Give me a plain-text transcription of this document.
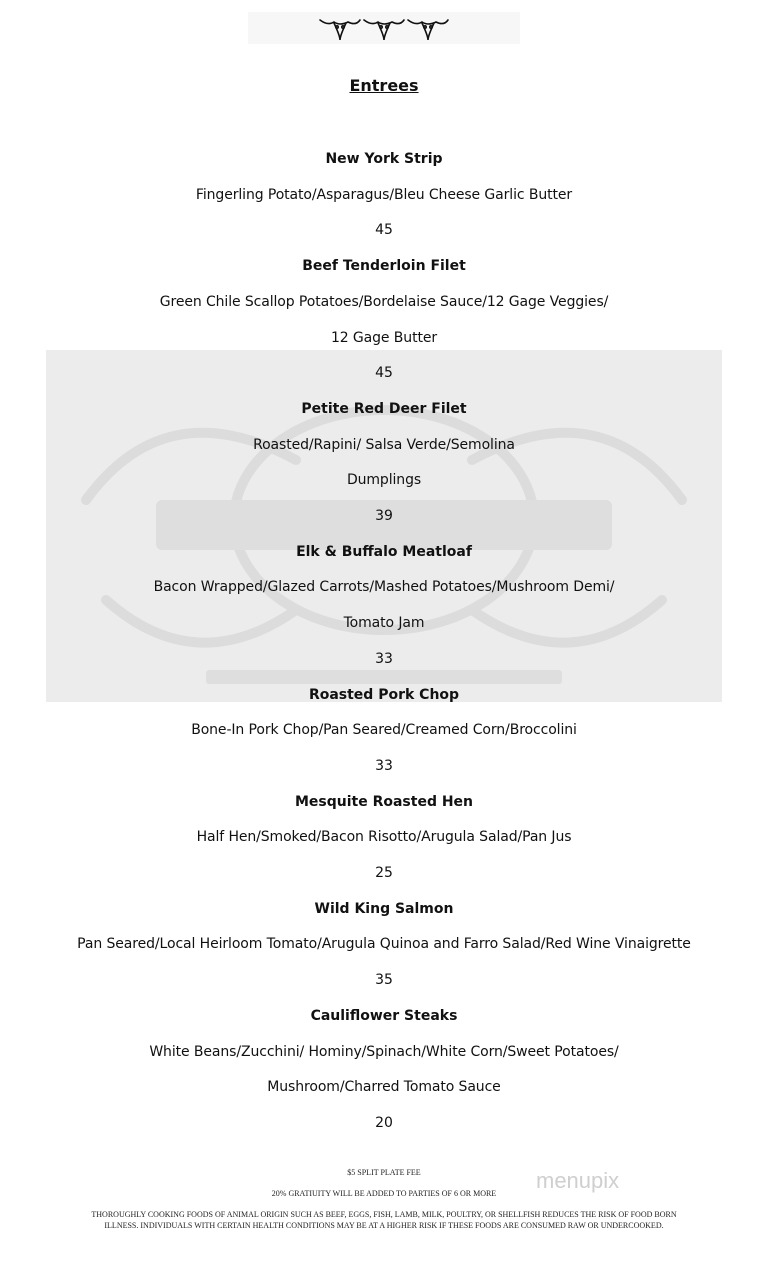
Entrees
New York Strip
Fingerling Potato/Asparagus/Bleu Cheese Garlic Butter
45
Beef Tenderloin Filet
Green Chile Scallop Potatoes/Bordelaise Sauce/12 Gage Veggies/
12 Gage Butter
45
Petite Red Deer Filet
Roasted/Rapini/ Salsa Verde/Semolina
Dumplings
39
Elk & Buffalo Meatloaf
Bacon Wrapped/Glazed Carrots/Mashed Potatoes/Mushroom Demi/
Tomato Jam
33
Roasted Pork Chop
Bone-In Pork Chop/Pan Seared/Creamed Corn/Broccolini
33
Mesquite Roasted Hen
Half Hen/Smoked/Bacon Risotto/Arugula Salad/Pan Jus
25
Wild King Salmon
Pan Seared/Local Heirloom Tomato/Arugula Quinoa and Farro Salad/Red Wine Vinaigrette
35
Cauliflower Steaks
White Beans/Zucchini/ Hominy/Spinach/White Corn/Sweet Potatoes/
Mushroom/Charred Tomato Sauce
20
$5 SPLIT PLATE FEE
20% GRATIUITY WILL BE ADDED TO PARTIES OF 6 OR MORE
THOROUGHLY COOKING FOODS OF ANIMAL ORIGIN SUCH AS BEEF, EGGS, FISH, LAMB, MILK, POULTRY, OR SHELLFISH REDUCES THE RISK OF FOOD BORN
ILLNESS. INDIVIDUALS WITH CERTAIN HEALTH CONDITIONS MAY BE AT A HIGHER RISK IF THESE FOODS ARE CONSUMED RAW OR UNDERCOOKED.
menupix
